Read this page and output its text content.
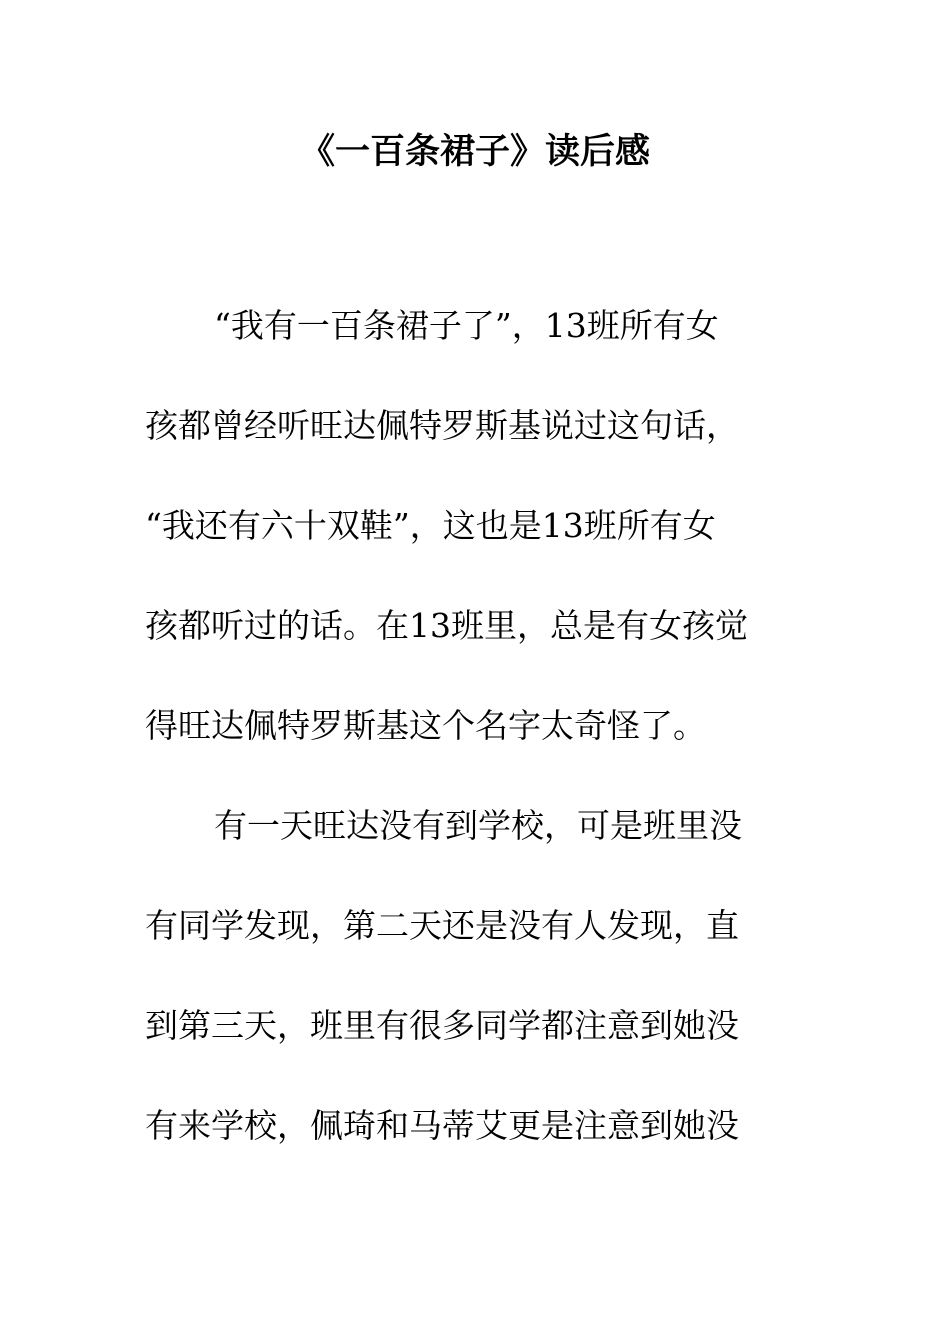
《一百条裙子》读后感

“我有一百条裙子了”，13班所有女

孩都曾经听旺达佩特罗斯基说过这句话，

“我还有六十双鞋”，这也是13班所有女

孩都听过的话。在13班里，总是有女孩觉

得旺达佩特罗斯基这个名字太奇怪了。

有一天旺达没有到学校，可是班里没

有同学发现，第二天还是没有人发现，直

到第三天，班里有很多同学都注意到她没

有来学校，佩琦和马蒂艾更是注意到她没
